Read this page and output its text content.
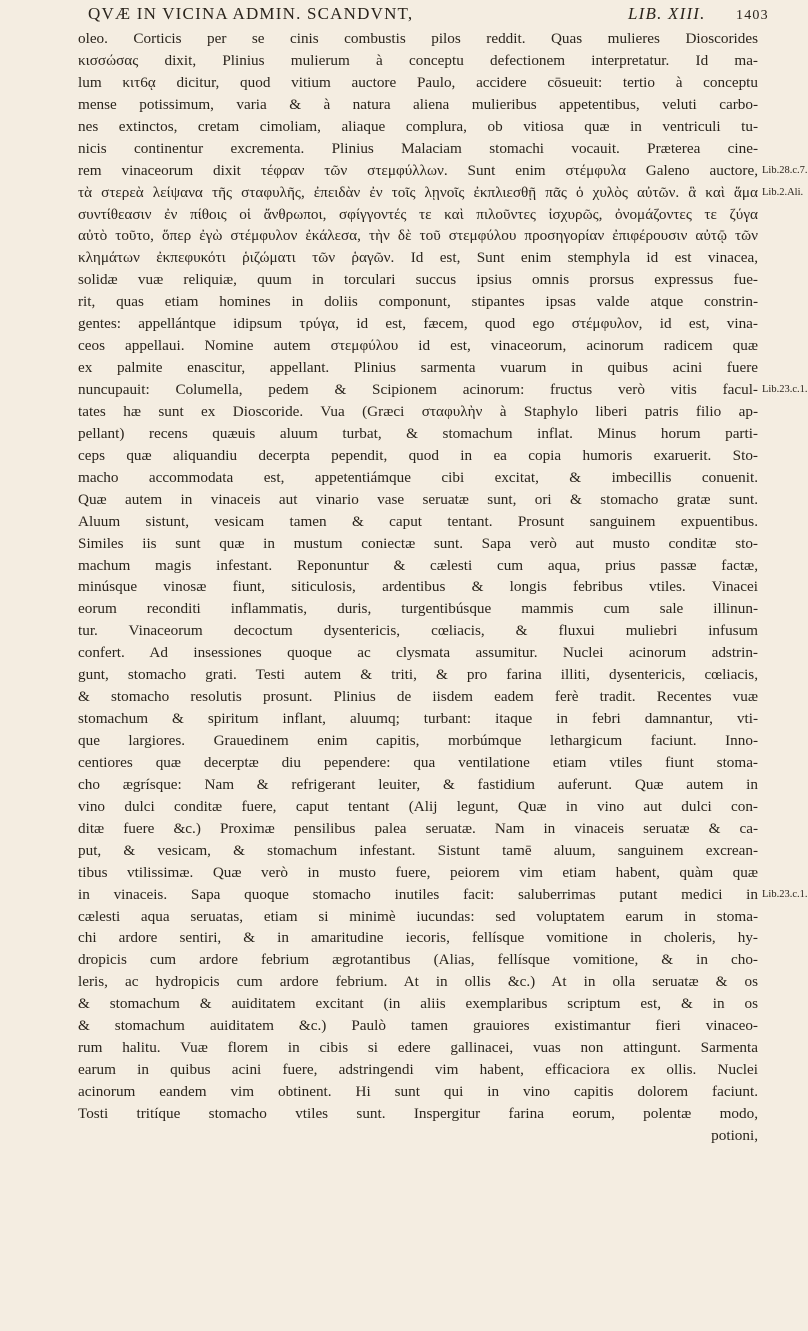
QVÆ IN VICINA ADMIN. SCANDVNT,	LIB. XIII. 1403
oleo. Corticis per se cinis combustis pilos reddit. Quas mulieres Dioscorides
κισσώσας dixit, Plinius mulierum à conceptu defectionem interpretatur. Id ma-
lum κιτ6ᾳ dicitur, quod vitium auctore Paulo, accidere cōsueuit: tertio à conceptu
mense potissimum, varia & à natura aliena mulieribus appetentibus, veluti carbo-
nes extinctos, cretam cimoliam, aliaque complura, ob vitiosa quæ in ventriculi tu-
nicis continentur excrementa. Plinius Malaciam stomachi vocauit. Præterea cine-
rem vinaceorum dixit τέφραν τῶν στεμφύλλων. Sunt enim στέμφυλα Galeno auctore,
τὰ στερεὰ λείψανα τῆς σταφυλῆς, ἐπειδὰν ἐν τοῖς λῃνοῖς ἐκπλιεσθῇ πᾶς ὁ χυλὸς αὐτῶν. ἃ καὶ ἅμα
συντίθεασιν ἐν πίθοις οἱ ἄνθρωποι, σφίγγοντές τε καὶ πιλοῦντες ἰσχυρῶς, ὀνομάζοντες τε ζύγα
αὐτὸ τοῦτο, ὅπερ ἐγὼ στέμφυλον ἐκάλεσα, τὴν δὲ τοῦ στεμφύλου προσηγορίαν ἐπιφέρουσιν αὐτῷ τῶν
κλημάτων ἐκπεφυκότι ῥιζώματι τῶν ῥαγῶν. Id est, Sunt enim stemphyla id est vinacea,
solidæ vuæ reliquiæ, quum in torculari succus ipsius omnis prorsus expressus fue-
rit, quas etiam homines in doliis componunt, stipantes ipsas valde atque constrin-
gentes: appellántque idipsum τρύγα, id est, fæcem, quod ego στέμφυλον, id est, vina-
ceos appellaui. Nomine autem στεμφύλου id est, vinaceorum, acinorum radicem quæ
ex palmite enascitur, appellant. Plinius sarmenta vuarum in quibus acini fuere
nuncupauit: Columella, pedem & Scipionem acinorum: fructus verò vitis facul-
tates hæ sunt ex Dioscoride. Vua (Græci σταφυλὴν à Staphylo liberi patris filio ap-
pellant) recens quæuis aluum turbat, & stomachum inflat. Minus horum parti-
ceps quæ aliquandiu decerpta pependit, quod in ea copia humoris exaruerit. Sto-
macho accommodata est, appetentiámque cibi excitat, & imbecillis conuenit.
Quæ autem in vinaceis aut vinario vase seruatæ sunt, ori & stomacho gratæ sunt.
Aluum sistunt, vesicam tamen & caput tentant. Prosunt sanguinem expuentibus.
Similes iis sunt quæ in mustum coniectæ sunt. Sapa verò aut musto conditæ sto-
machum magis infestant. Reponuntur & cælesti cum aqua, prius passæ factæ,
minúsque vinosæ fiunt, siticulosis, ardentibus & longis febribus vtiles. Vinacei
eorum reconditi inflammatis, duris, turgentibúsque mammis cum sale illinun-
tur. Vinaceorum decoctum dysentericis, cœliacis, & fluxui muliebri infusum
confert. Ad insessiones quoque ac clysmata assumitur. Nuclei acinorum adstrin-
gunt, stomacho grati. Testi autem & triti, & pro farina illiti, dysentericis, cœliacis,
& stomacho resolutis prosunt. Plinius de iisdem eadem ferè tradit. Recentes vuæ
stomachum & spiritum inflant, aluumq; turbant: itaque in febri damnantur, vti-
que largiores. Grauedinem enim capitis, morbúmque lethargicum faciunt. Inno-
centiores quæ decerptæ diu pependere: qua ventilatione etiam vtiles fiunt stoma-
cho ægrísque: Nam & refrigerant leuiter, & fastidium auferunt. Quæ autem in
vino dulci conditæ fuere, caput tentant (Alij legunt, Quæ in vino aut dulci con-
ditæ fuere &c.) Proximæ pensilibus palea seruatæ. Nam in vinaceis seruatæ & ca-
put, & vesicam, & stomachum infestant. Sistunt tamē aluum, sanguinem excrean-
tibus vtilissimæ. Quæ verò in musto fuere, peiorem vim etiam habent, quàm quæ
in vinaceis. Sapa quoque stomacho inutiles facit: saluberrimas putant medici in
cælesti aqua seruatas, etiam si minimè iucundas: sed voluptatem earum in stoma-
chi ardore sentiri, & in amaritudine iecoris, fellísque vomitione in choleris, hy-
dropicis cum ardore febrium ægrotantibus (Alias, fellísque vomitione, & in cho-
leris, ac hydropicis cum ardore febrium. At in ollis &c.) At in olla seruatæ & os
& stomachum & auiditatem excitant (in aliis exemplaribus scriptum est, & in os
& stomachum auiditatem &c.) Paulò tamen grauiores existimantur fieri vinaceo-
rum halitu. Vuæ florem in cibis si edere gallinacei, vuas non attingunt. Sarmenta
earum in quibus acini fuere, adstringendi vim habent, efficaciora ex ollis. Nuclei
acinorum eandem vim obtinent. Hi sunt qui in vino capitis dolorem faciunt.
Tosti tritíque stomacho vtiles sunt. Inspergitur farina eorum, polentæ modo,
potioni,
Lib.28.c.7.
Lib.2.Ali.
Lib.23.c.1.
Lib.23.c.1.
